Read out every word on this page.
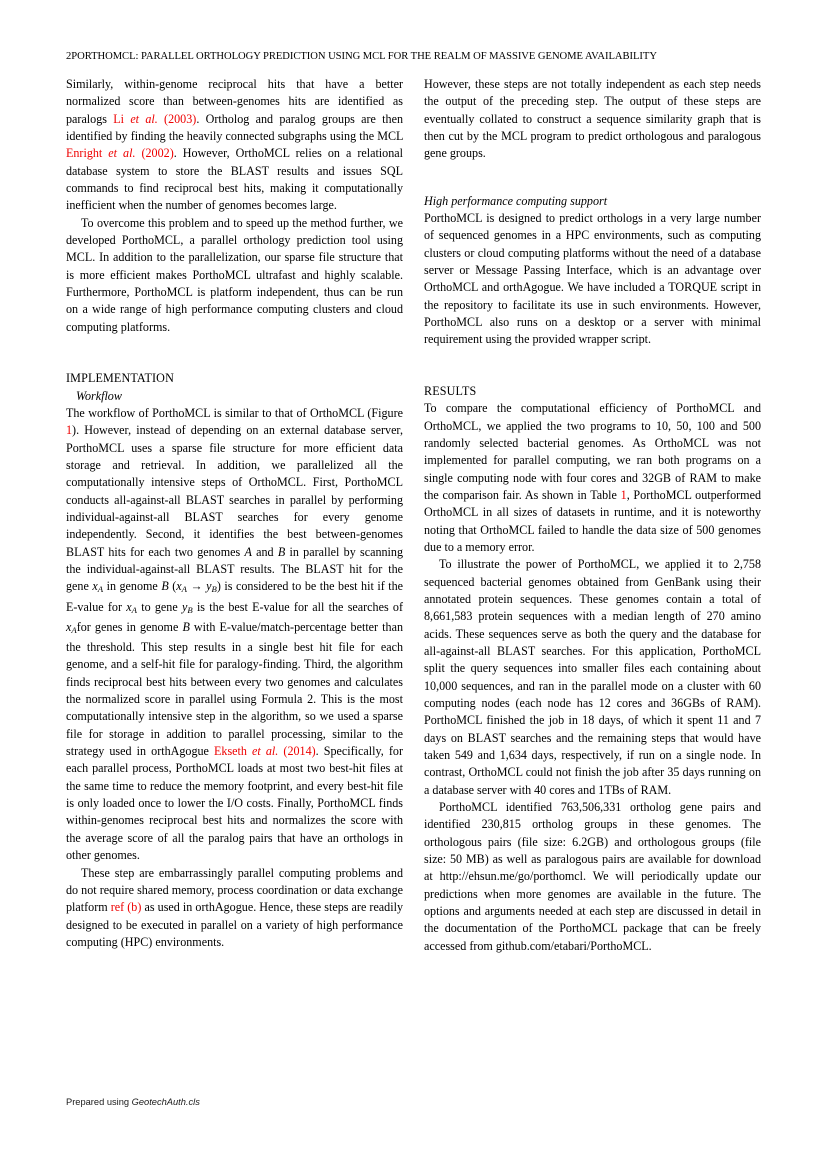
2PORTHOMCL: PARALLEL ORTHOLOGY PREDICTION USING MCL FOR THE REALM OF MASSIVE GENOME AVAILABILITY

Similarly, within-genome reciprocal hits that have a better normalized score than between-genomes hits are identified as paralogs Li et al. (2003). Ortholog and paralog groups are then identified by finding the heavily connected subgraphs using the MCL Enright et al. (2002). However, OrthoMCL relies on a relational database system to store the BLAST results and issues SQL commands to find reciprocal best hits, making it computationally inefficient when the number of genomes becomes large.

To overcome this problem and to speed up the method further, we developed PorthoMCL, a parallel orthology prediction tool using MCL. In addition to the parallelization, our sparse file structure that is more efficient makes PorthoMCL ultrafast and highly scalable. Furthermore, PorthoMCL is platform independent, thus can be run on a wide range of high performance computing clusters and cloud computing platforms.

IMPLEMENTATION
Workflow

The workflow of PorthoMCL is similar to that of OrthoMCL (Figure 1). However, instead of depending on an external database server, PorthoMCL uses a sparse file structure for more efficient data storage and retrieval. In addition, we parallelized all the computationally intensive steps of OrthoMCL. First, PorthoMCL conducts all-against-all BLAST searches in parallel by performing individual-against-all BLAST searches for every genome independently. Second, it identifies the best between-genomes BLAST hits for each two genomes A and B in parallel by scanning the individual-against-all BLAST results. The BLAST hit for the gene $x_A$ in genome B $(x_A \to y_B)$ is considered to be the best hit if the E-value for $x_A$ to gene $y_B$ is the best E-value for all the searches of $x_Afor$ genes in genome B with E-value/match-percentage better than the threshold. This step results in a single best hit file for each genome, and a self-hit file for paralogy-finding. Third, the algorithm finds reciprocal best hits between every two genomes and calculates the normalized score in parallel using Formula 2. This is the most computationally intensive step in the algorithm, so we used a sparse file for storage in addition to parallel processing, similar to the strategy used in orthAgogue Ekseth et al. (2014). Specifically, for each parallel process, PorthoMCL loads at most two best-hit files at the same time to reduce the memory footprint, and every best-hit file is only loaded once to lower the I/O costs. Finally, PorthoMCL finds within-genomes reciprocal best hits and normalizes the score with the average score of all the paralog pairs that have an orthologs in other genomes.

These step are embarrassingly parallel computing problems and do not require shared memory, process coordination or data exchange platform ref (b) as used in orthAgogue. Hence, these steps are readily designed to be executed in parallel on a variety of high performance computing (HPC) environments.

However, these steps are not totally independent as each step needs the output of the preceding step. The output of these steps are eventually collated to construct a sequence similarity graph that is then cut by the MCL program to predict orthologous and paralogous gene groups.

High performance computing support

PorthoMCL is designed to predict orthologs in a very large number of sequenced genomes in a HPC environments, such as computing clusters or cloud computing platforms without the need of a database server or Message Passing Interface, which is an advantage over OrthoMCL and orthAgogue. We have included a TORQUE script in the repository to facilitate its use in such environments. However, PorthoMCL also runs on a desktop or a server with minimal requirement using the provided wrapper script.

RESULTS

To compare the computational efficiency of PorthoMCL and OrthoMCL, we applied the two programs to 10, 50, 100 and 500 randomly selected bacterial genomes. As OrthoMCL was not implemented for parallel computing, we ran both programs on a single computing node with four cores and 32GB of RAM to make the comparison fair. As shown in Table 1, PorthoMCL outperformed OrthoMCL in all sizes of datasets in runtime, and it is noteworthy noting that OrthoMCL failed to handle the data size of 500 genomes due to a memory error.

To illustrate the power of PorthoMCL, we applied it to 2,758 sequenced bacterial genomes obtained from GenBank using their annotated protein sequences. These genomes contain a total of 8,661,583 protein sequences with a median length of 270 amino acids. These sequences serve as both the query and the database for all-against-all BLAST searches. For this application, PorthoMCL split the query sequences into smaller files each containing about 10,000 sequences, and ran in the parallel mode on a cluster with 60 computing nodes (each node has 12 cores and 36GBs of RAM). PorthoMCL finished the job in 18 days, of which it spent 11 and 7 days on BLAST searches and the remaining steps that would have taken 549 and 1,634 days, respectively, if run on a single node. In contrast, OrthoMCL could not finish the job after 35 days running on a database server with 40 cores and 1TBs of RAM.

PorthoMCL identified 763,506,331 ortholog gene pairs and identified 230,815 ortholog groups in these genomes. The orthologous pairs (file size: 6.2GB) and orthologous groups (file size: 50 MB) as well as paralogous pairs are available for download at http://ehsun.me/go/porthomcl. We will periodically update our predictions when more genomes are available in the future. The options and arguments needed at each step are discussed in detail in the documentation of the PorthoMCL package that can be freely accessed from github.com/etabari/PorthoMCL.

Prepared using GeotechAuth.cls
